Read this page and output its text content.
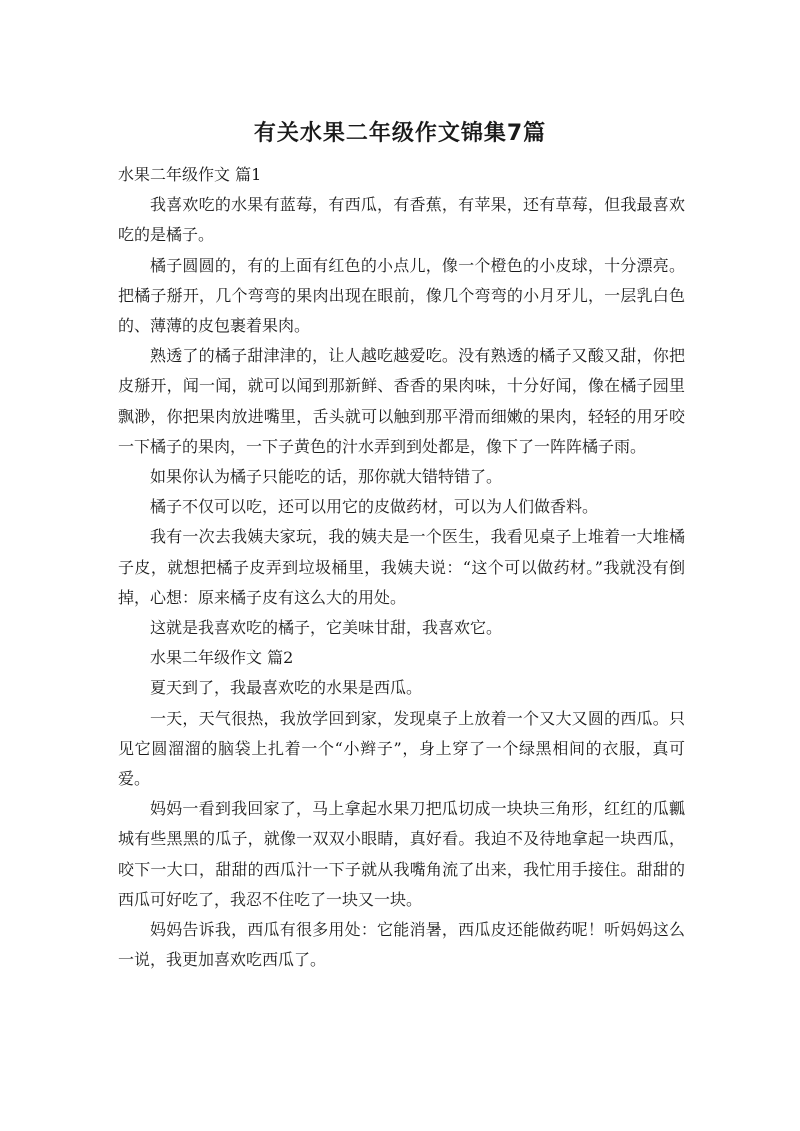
有关水果二年级作文锦集7篇

水果二年级作文 篇1

我喜欢吃的水果有蓝莓，有西瓜，有香蕉，有苹果，还有草莓，但我最喜欢吃的是橘子。

橘子圆圆的，有的上面有红色的小点儿，像一个橙色的小皮球，十分漂亮。把橘子掰开，几个弯弯的果肉出现在眼前，像几个弯弯的小月牙儿，一层乳白色的、薄薄的皮包裹着果肉。

熟透了的橘子甜津津的，让人越吃越爱吃。没有熟透的橘子又酸又甜，你把皮掰开，闻一闻，就可以闻到那新鲜、香香的果肉味，十分好闻，像在橘子园里飘渺，你把果肉放进嘴里，舌头就可以触到那平滑而细嫩的果肉，轻轻的用牙咬一下橘子的果肉，一下子黄色的汁水弄到到处都是，像下了一阵阵橘子雨。

如果你认为橘子只能吃的话，那你就大错特错了。

橘子不仅可以吃，还可以用它的皮做药材，可以为人们做香料。

我有一次去我姨夫家玩，我的姨夫是一个医生，我看见桌子上堆着一大堆橘子皮，就想把橘子皮弄到垃圾桶里，我姨夫说：“这个可以做药材。”我就没有倒掉，心想：原来橘子皮有这么大的用处。

这就是我喜欢吃的橘子，它美味甘甜，我喜欢它。

水果二年级作文 篇2

夏天到了，我最喜欢吃的水果是西瓜。

一天，天气很热，我放学回到家，发现桌子上放着一个又大又圆的西瓜。只见它圆溜溜的脑袋上扎着一个“小辫子”，身上穿了一个绿黑相间的衣服，真可爱。

妈妈一看到我回家了，马上拿起水果刀把瓜切成一块块三角形，红红的瓜瓤城有些黑黑的瓜子，就像一双双小眼睛，真好看。我迫不及待地拿起一块西瓜，咬下一大口，甜甜的西瓜汁一下子就从我嘴角流了出来，我忙用手接住。甜甜的西瓜可好吃了，我忍不住吃了一块又一块。

妈妈告诉我，西瓜有很多用处：它能消暑，西瓜皮还能做药呢！听妈妈这么一说，我更加喜欢吃西瓜了。
